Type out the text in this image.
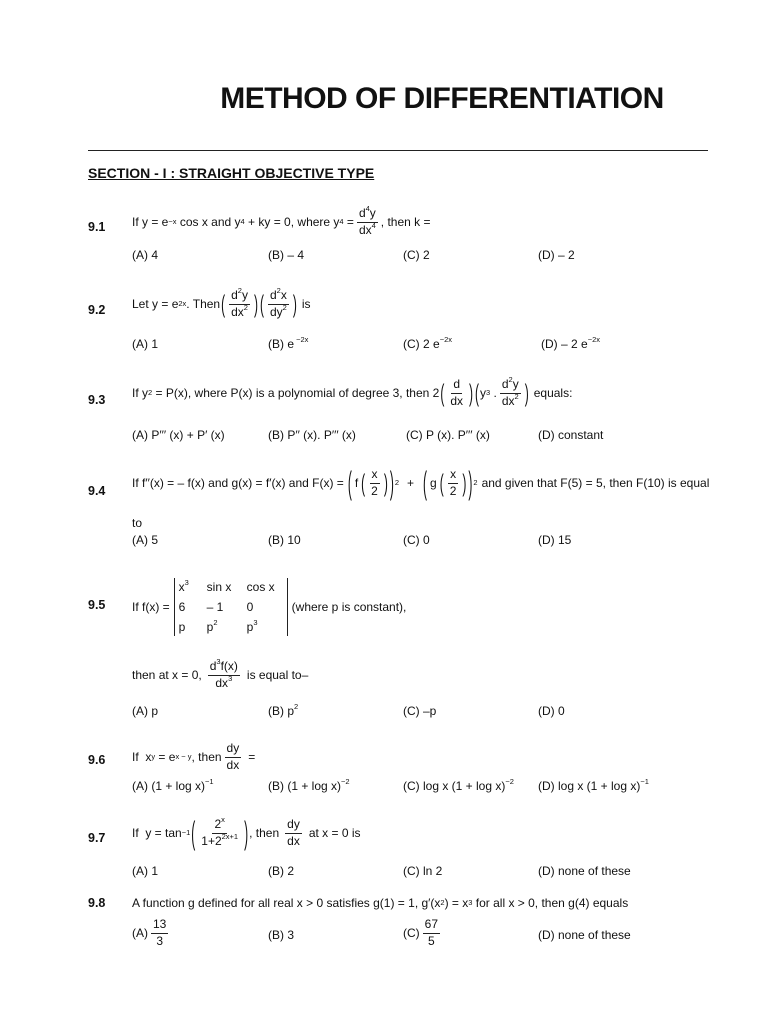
METHOD OF DIFFERENTIATION
SECTION - I : STRAIGHT OBJECTIVE TYPE
9.1 If y = e −x cos x and y 4 + ky = 0, where y $4 = \frac{d^4y}{dx^4}$ , then k =
(A) 4	(B) – 4	(C) 2	(D) – 2
9.2 Let y = e 2x . Then ( $\frac{d^2y}{dx^2}$ ) ( $\frac{d^2x}{dy^2}$ ) is
(A) 1	(B) e $^{-2x}$	(C) 2 $e^{-2x}$	(D) – 2 $e^{-2x}$
9.3 If y 2 = P(x), where P(x) is a polynomial of degree 3, then 2 ( $\frac{d}{dx}$ ) ( y 3 . $\frac{d^2y}{dx^2}$ ) equals:
(A) P′′′ (x) + P′ (x)	(B) P′′ (x). P′′′ (x)	(C) P (x). P′′′ (x)	(D) constant
9.4
If f′′(x) = – f(x) and g(x) = f′(x) and F(x) = ( f ( $\frac{x}{2}$ ) ) 2 + ( g ( $\frac{x}{2}$ ) ) 2 and given that F(5) = 5, then F(10) is equal
to
(A) 5	(B) 10	(C) 0	(D) 15
9.5 If f(x) =
$x^3$	sin x	cos x
6	– 1	0
p	$p^2$	$p^3$
(where p is constant),
then at x = 0, $\frac{d^3f(x)}{dx^3}$ is equal to–
(A) p	(B) $p^2$	(C) –p	(D) 0
9.6 If  x y = e x − y , then $\frac{dy}{dx}$ =
(A) $(1 + \log x)^{-1}$	(B) $(1 + \log x)^{-2}$	(C) log x $(1 + \log x)^{-2}$ (D) log x $(1 + \log x)^{-1}$
9.7 If  y = tan −1 ( $\frac{2^x}{1+2^{2x+1}}$ ) , then $\frac{dy}{dx}$ at x = 0 is
(A) 1	(B) 2	(C) ln 2	(D) none of these
9.8 A function g defined for all real x > 0 satisfies g(1) = 1, g′(x 2 ) = x 3 for all x > 0, then g(4) equals
$(A) \frac{13}{3}$	(B) 3	$(C) \frac{67}{5}$	(D) none of these
